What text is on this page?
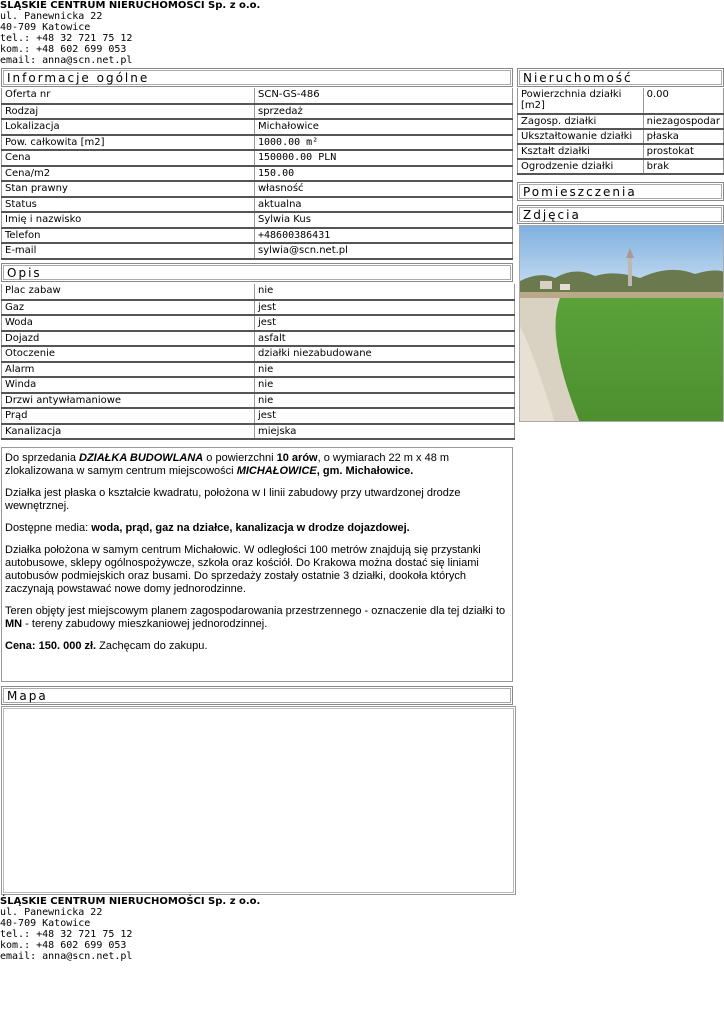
ŚLĄSKIE CENTRUM NIERUCHOMOŚCI Sp. z o.o.
ul. Panewnicka 22
40-709 Katowice
tel.: +48 32 721 75 12
kom.: +48 602 699 053
email: anna@scn.net.pl
Informacje ogólne
Oferta nr	SCN-GS-486
Rodzaj	sprzedaż
Lokalizacja	Michałowice
Pow. całkowita [m2]	1000.00 m²
Cena	150000.00 PLN
Cena/m2	150.00
Stan prawny	własność
Status	aktualna
Imię i nazwisko	Sylwia Kus
Telefon	+48600386431
E-mail	sylwia@scn.net.pl
Nieruchomość
Powierzchnia działki [m2]	0.00
Zagosp. działki	niezagospodar
Ukształtowanie działki	płaska
Kształt działki	prostokat
Ogrodzenie działki	brak
Pomieszczenia
Zdjęcia
Opis
Plac zabaw	nie
Gaz	jest
Woda	jest
Dojazd	asfalt
Otoczenie	działki niezabudowane
Alarm	nie
Winda	nie
Drzwi antywłamaniowe	nie
Prąd	jest
Kanalizacja	miejska

Do sprzedania DZIAŁKA BUDOWLANA o powierzchni 10 arów, o wymiarach 22 m x 48 m zlokalizowana w samym centrum miejscowości MICHAŁOWICE, gm. Michałowice.

Działka jest płaska o kształcie kwadratu, położona w I linii zabudowy przy utwardzonej drodze wewnętrznej.

Dostępne media: woda, prąd, gaz na działce, kanalizacja w drodze dojazdowej.

Działka położona w samym centrum Michałowic. W odległości 100 metrów znajdują się przystanki autobusowe, sklepy ogólnospożywcze, szkoła oraz kościół. Do Krakowa można dostać się liniami autobusów podmiejskich oraz busami. Do sprzedaży zostały ostatnie 3 działki, dookoła których zaczynają powstawać nowe domy jednorodzinne.

Teren objęty jest miejscowym planem zagospodarowania przestrzennego - oznaczenie dla tej działki to MN - tereny zabudowy mieszkaniowej jednorodzinnej.

Cena: 150. 000 zł. Zachęcam do zakupu.

Mapa
ŚLĄSKIE CENTRUM NIERUCHOMOŚCI Sp. z o.o.
ul. Panewnicka 22
40-709 Katowice
tel.: +48 32 721 75 12
kom.: +48 602 699 053
email: anna@scn.net.pl
